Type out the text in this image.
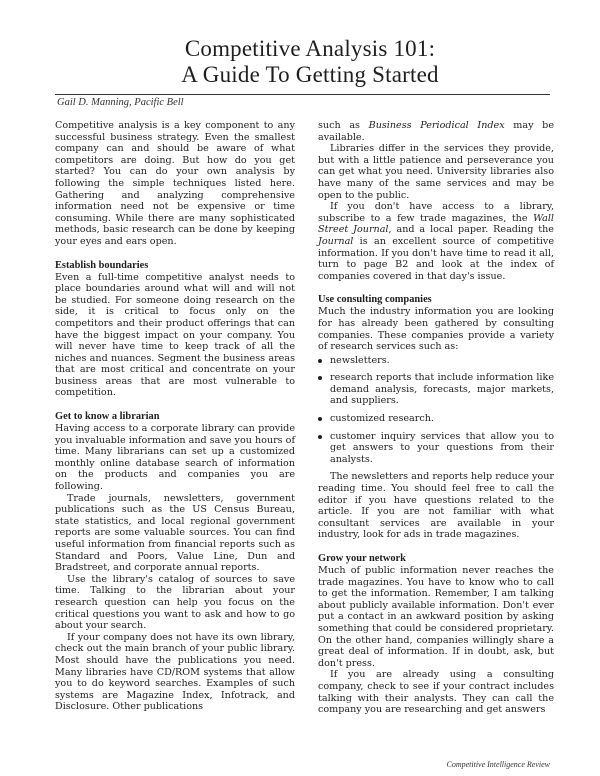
Competitive Analysis 101:
A Guide To Getting Started
Gail D. Manning, Pacific Bell

Competitive analysis is a key component to any successful business strategy. Even the smallest company can and should be aware of what competitors are doing. But how do you get started? You can do your own analysis by following the simple techniques listed here. Gathering and analyzing comprehensive information need not be expensive or time consuming. While there are many sophisticated methods, basic research can be done by keeping your eyes and ears open.

Establish boundaries

Even a full-time competitive analyst needs to place boundaries around what will and will not be studied. For someone doing research on the side, it is critical to focus only on the competitors and their product offerings that can have the biggest impact on your company. You will never have time to keep track of all the niches and nuances. Segment the business areas that are most critical and concentrate on your business areas that are most vulnerable to competition.

Get to know a librarian

Having access to a corporate library can provide you invaluable information and save you hours of time. Many librarians can set up a customized monthly online database search of information on the products and companies you are following.

Trade journals, newsletters, government publications such as the US Census Bureau, state statistics, and local regional government reports are some valuable sources. You can find useful information from financial reports such as Standard and Poors, Value Line, Dun and Bradstreet, and corporate annual reports.

Use the library's catalog of sources to save time. Talking to the librarian about your research question can help you focus on the critical questions you want to ask and how to go about your search.

If your company does not have its own library, check out the main branch of your public library. Most should have the publications you need. Many libraries have CD/ROM systems that allow you to do keyword searches. Examples of such systems are Magazine Index, Infotrack, and Disclosure. Other publications

such as Business Periodical Index may be available.

Libraries differ in the services they provide, but with a little patience and perseverance you can get what you need. University libraries also have many of the same services and may be open to the public.

If you don't have access to a library, subscribe to a few trade magazines, the Wall Street Journal, and a local paper. Reading the Journal is an excellent source of competitive information. If you don't have time to read it all, turn to page B2 and look at the index of companies covered in that day's issue.

Use consulting companies

Much the industry information you are looking for has already been gathered by consulting companies. These companies provide a variety of research services such as:

newsletters.
research reports that include information like demand analysis, forecasts, major markets, and suppliers.
customized research.
customer inquiry services that allow you to get answers to your questions from their analysts.

The newsletters and reports help reduce your reading time. You should feel free to call the editor if you have questions related to the article. If you are not familiar with what consultant services are available in your industry, look for ads in trade magazines.

Grow your network

Much of public information never reaches the trade magazines. You have to know who to call to get the information. Remember, I am talking about publicly available information. Don't ever put a contact in an awkward position by asking something that could be considered proprietary. On the other hand, companies willingly share a great deal of information. If in doubt, ask, but don't press.

If you are already using a consulting company, check to see if your contract includes talking with their analysts. They can call the company you are researching and get answers

Competitive Intelligence Review
